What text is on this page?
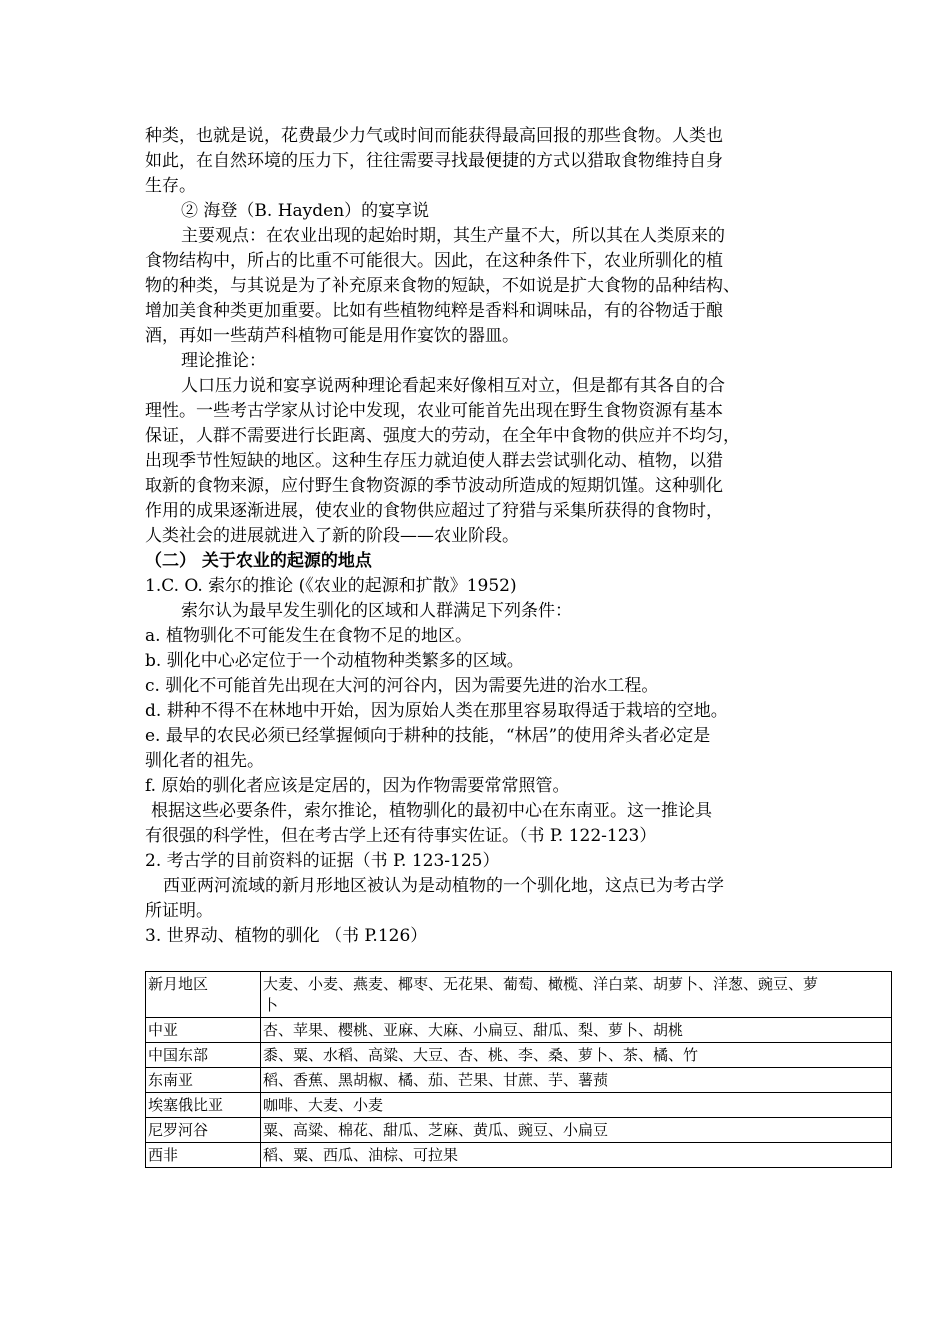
种类，也就是说，花费最少力气或时间而能获得最高回报的那些食物。人类也

如此，在自然环境的压力下，往往需要寻找最便捷的方式以猎取食物维持自身

生存。

② 海登（B. Hayden）的宴享说

主要观点：在农业出现的起始时期，其生产量不大，所以其在人类原来的

食物结构中，所占的比重不可能很大。因此，在这种条件下，农业所驯化的植

物的种类，与其说是为了补充原来食物的短缺，不如说是扩大食物的品种结构、

增加美食种类更加重要。比如有些植物纯粹是香料和调味品，有的谷物适于酿

酒，再如一些葫芦科植物可能是用作宴饮的器皿。

理论推论：

人口压力说和宴享说两种理论看起来好像相互对立，但是都有其各自的合

理性。一些考古学家从讨论中发现，农业可能首先出现在野生食物资源有基本

保证，人群不需要进行长距离、强度大的劳动，在全年中食物的供应并不均匀，

出现季节性短缺的地区。这种生存压力就迫使人群去尝试驯化动、植物，以猎

取新的食物来源，应付野生食物资源的季节波动所造成的短期饥馑。这种驯化

作用的成果逐渐进展，使农业的食物供应超过了狩猎与采集所获得的食物时，

人类社会的进展就进入了新的阶段——农业阶段。

（二） 关于农业的起源的地点

1.C. O. 索尔的推论 (《农业的起源和扩散》1952)

索尔认为最早发生驯化的区域和人群满足下列条件：

a. 植物驯化不可能发生在食物不足的地区。

b. 驯化中心必定位于一个动植物种类繁多的区域。

c. 驯化不可能首先出现在大河的河谷内，因为需要先进的治水工程。

d. 耕种不得不在林地中开始，因为原始人类在那里容易取得适于栽培的空地。

e. 最早的农民必须已经掌握倾向于耕种的技能，“林居”的使用斧头者必定是

驯化者的祖先。

f. 原始的驯化者应该是定居的，因为作物需要常常照管。

根据这些必要条件，索尔推论，植物驯化的最初中心在东南亚。这一推论具

有很强的科学性，但在考古学上还有待事实佐证。（书 P. 122-123）

2. 考古学的目前资料的证据（书 P. 123-125）

西亚两河流域的新月形地区被认为是动植物的一个驯化地，这点已为考古学

所证明。

3. 世界动、植物的驯化 （书 P.126）

新月地区	大麦、小麦、燕麦、椰枣、无花果、葡萄、橄榄、洋白菜、胡萝卜、洋葱、豌豆、萝
卜
中亚	杏、苹果、樱桃、亚麻、大麻、小扁豆、甜瓜、梨、萝卜、胡桃
中国东部	黍、粟、水稻、高粱、大豆、杏、桃、李、桑、萝卜、茶、橘、竹
东南亚	稻、香蕉、黑胡椒、橘、茄、芒果、甘蔗、芋、薯蓣
埃塞俄比亚	咖啡、大麦、小麦
尼罗河谷	粟、高粱、棉花、甜瓜、芝麻、黄瓜、豌豆、小扁豆
西非	稻、粟、西瓜、油棕、可拉果
